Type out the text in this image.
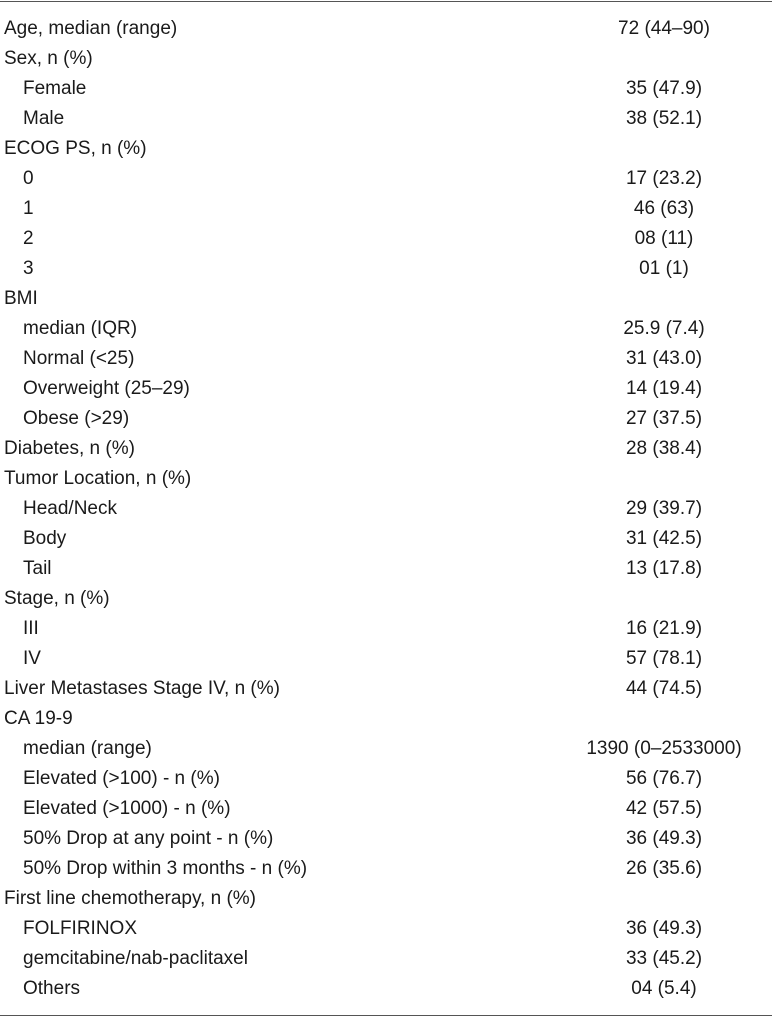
Age, median (range)	72 (44–90)
Sex, n (%)
Female	35 (47.9)
Male	38 (52.1)
ECOG PS, n (%)
0	17 (23.2)
1	46 (63)
2	08 (11)
3	01 (1)
BMI
median (IQR)	25.9 (7.4)
Normal (<25)	31 (43.0)
Overweight (25–29)	14 (19.4)
Obese (>29)	27 (37.5)
Diabetes, n (%)	28 (38.4)
Tumor Location, n (%)
Head/Neck	29 (39.7)
Body	31 (42.5)
Tail	13 (17.8)
Stage, n (%)
III	16 (21.9)
IV	57 (78.1)
Liver Metastases Stage IV, n (%)	44 (74.5)
CA 19-9
median (range)	1390 (0–2533000)
Elevated (>100) - n (%)	56 (76.7)
Elevated (>1000) - n (%)	42 (57.5)
50% Drop at any point - n (%)	36 (49.3)
50% Drop within 3 months - n (%)	26 (35.6)
First line chemotherapy, n (%)
FOLFIRINOX	36 (49.3)
gemcitabine/nab-paclitaxel	33 (45.2)
Others	04 (5.4)
